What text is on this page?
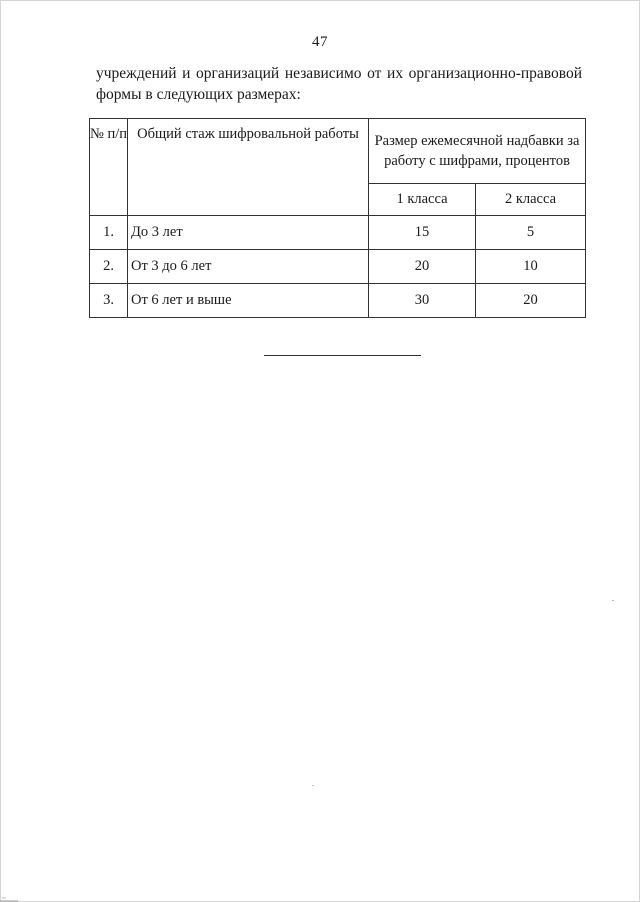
47
учреждений и организаций независимо от их организационно-правовой
формы в следующих размерах:
№ п/п	Общий стаж шифровальной работы	Размер ежемесячной надбавки за работу с шифрами, процентов	
		1 класса	2 класса
1.	До 3 лет	15	5
2.	От 3 до 6 лет	20	10
3.	От 6 лет и выше	30	20
